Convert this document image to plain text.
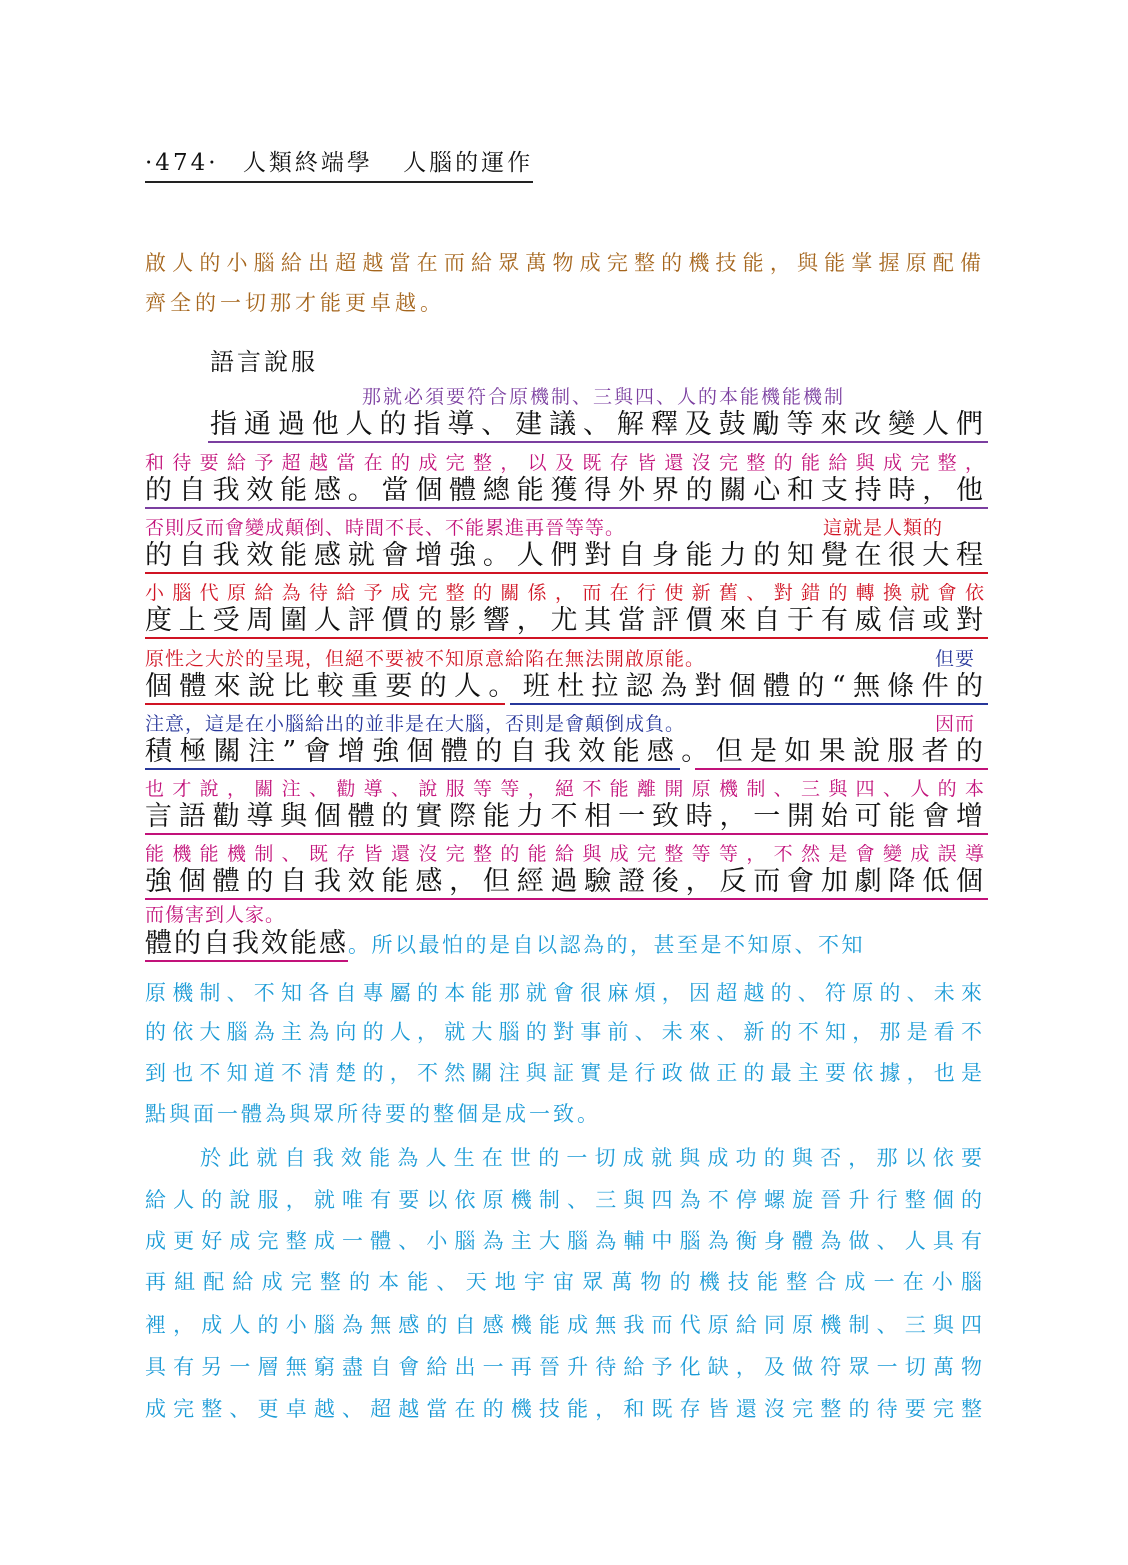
·474· 人類終端學 人腦的運作
啟人的小腦給出超越當在而給眾萬物成完整的機技能，與能掌握原配備
齊全的一切那才能更卓越。
語言說服
那就必須要符合原機制、三與四、人的本能機能機制
指通過他人的指導、建議、解釋及鼓勵等來改變人們
和待要給予超越當在的成完整，以及既存皆還沒完整的能給與成完整，
的自我效能感。當個體總能獲得外界的關心和支持時，他
否則反而會變成顛倒、時間不長、不能累進再晉等等。	這就是人類的
的自我效能感就會增強。人們對自身能力的知覺在很大程
小腦代原給為待給予成完整的關係，而在行使新舊、對錯的轉換就會依
度上受周圍人評價的影響，尤其當評價來自于有威信或對
原性之大於的呈現，但絕不要被不知原意給陷在無法開啟原能。	但要
個體來說比較重要的人。班杜拉認為對個體的“無條件的
注意，這是在小腦給出的並非是在大腦，否則是會顛倒成負。	因而
積極關注”會增強個體的自我效能感。但是如果說服者的
也才說，關注、勸導、說服等等，絕不能離開原機制、三與四、人的本
言語勸導與個體的實際能力不相一致時，一開始可能會增
能機能機制、既存皆還沒完整的能給與成完整等等，不然是會變成誤導
強個體的自我效能感，但經過驗證後，反而會加劇降低個
而傷害到人家。
體的自我效能感。所以最怕的是自以認為的，甚至是不知原、不知
原機制、不知各自專屬的本能那就會很麻煩，因超越的、符原的、未來
的依大腦為主為向的人，就大腦的對事前、未來、新的不知，那是看不
到也不知道不清楚的，不然關注與証實是行政做正的最主要依據，也是
點與面一體為與眾所待要的整個是成一致。
於此就自我效能為人生在世的一切成就與成功的與否，那以依要
給人的說服，就唯有要以依原機制、三與四為不停螺旋晉升行整個的
成更好成完整成一體、小腦為主大腦為輔中腦為衡身體為做、人具有
再組配給成完整的本能、天地宇宙眾萬物的機技能整合成一在小腦
裡，成人的小腦為無感的自感機能成無我而代原給同原機制、三與四
具有另一層無窮盡自會給出一再晉升待給予化缺，及做符眾一切萬物
成完整、更卓越、超越當在的機技能，和既存皆還沒完整的待要完整
